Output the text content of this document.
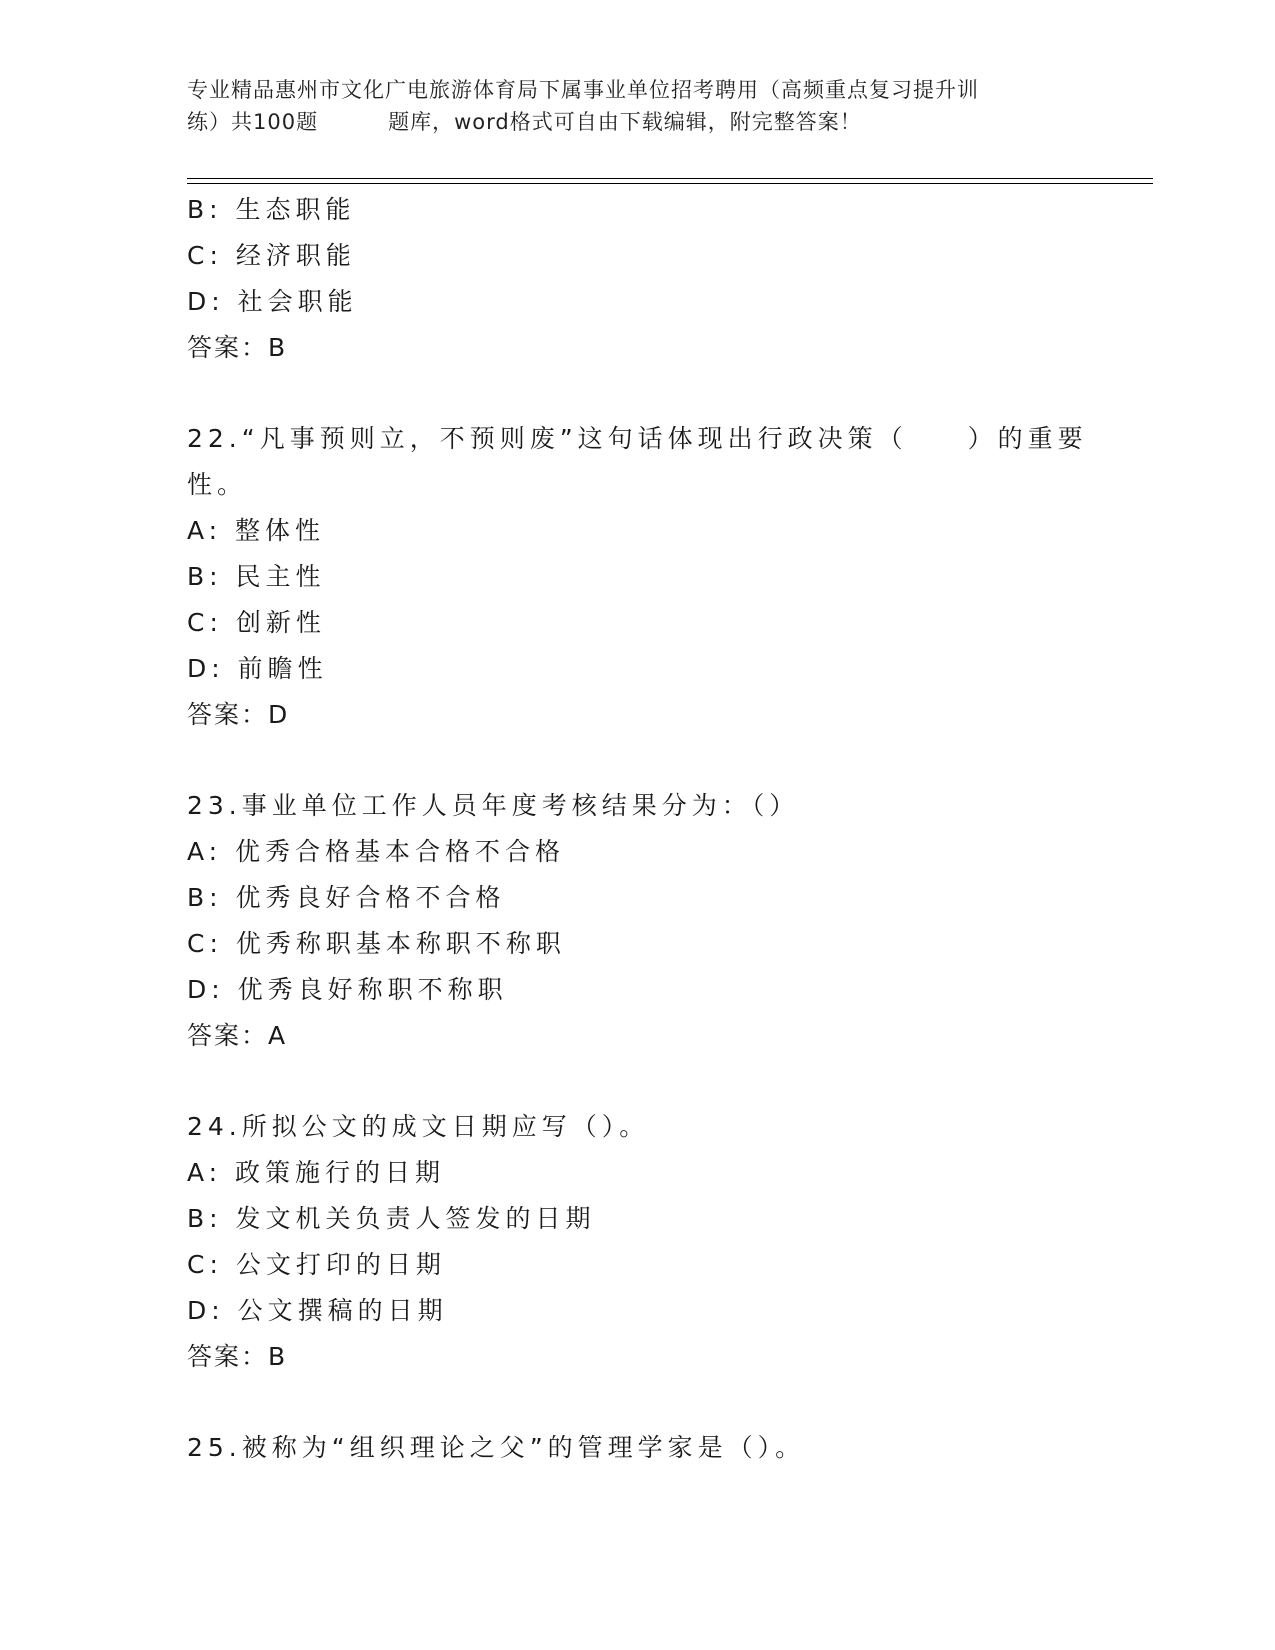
专业精品惠州市文化广电旅游体育局下属事业单位招考聘用（高频重点复习提升训
练）共100题	题库，word格式可自由下载编辑，附完整答案！
B: 生态职能
C: 经济职能
D: 社会职能
答案：B
22.“凡事预则立，不预则废”这句话体现出行政决策（　　）的重要
性。
A: 整体性
B: 民主性
C: 创新性
D: 前瞻性
答案：D
23.事业单位工作人员年度考核结果分为：（）
A: 优秀合格基本合格不合格
B: 优秀良好合格不合格
C: 优秀称职基本称职不称职
D: 优秀良好称职不称职
答案：A
24.所拟公文的成文日期应写（）。
A: 政策施行的日期
B: 发文机关负责人签发的日期
C: 公文打印的日期
D: 公文撰稿的日期
答案：B
25.被称为“组织理论之父”的管理学家是（）。
